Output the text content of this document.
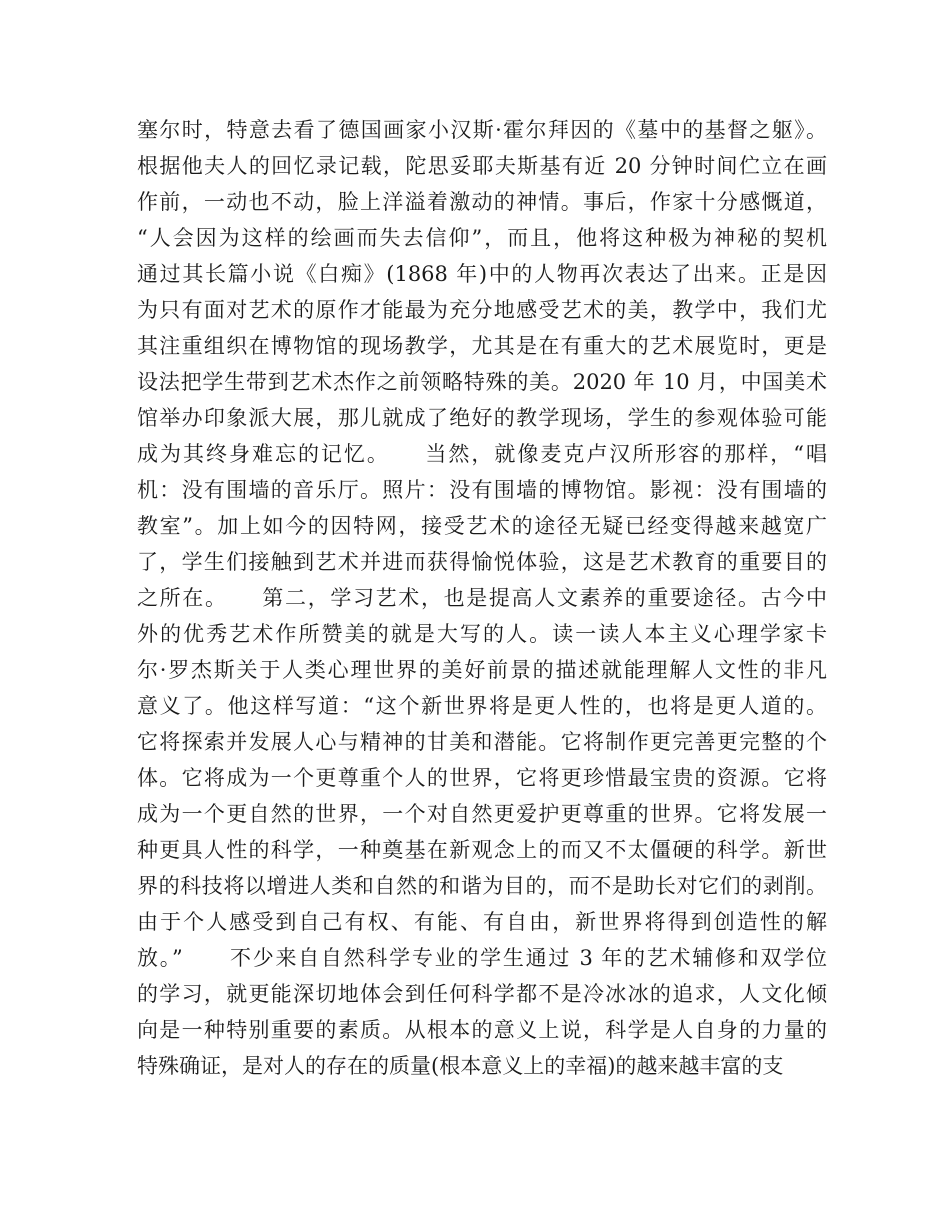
塞尔时，特意去看了德国画家小汉斯·霍尔拜因的《墓中的基督之躯》。
根据他夫人的回忆录记载，陀思妥耶夫斯基有近 20 分钟时间伫立在画
作前，一动也不动，脸上洋溢着激动的神情。事后，作家十分感慨道，
“人会因为这样的绘画而失去信仰”，而且，他将这种极为神秘的契机
通过其长篇小说《白痴》(1868 年)中的人物再次表达了出来。正是因
为只有面对艺术的原作才能最为充分地感受艺术的美，教学中，我们尤
其注重组织在博物馆的现场教学，尤其是在有重大的艺术展览时，更是
设法把学生带到艺术杰作之前领略特殊的美。2020 年 10 月，中国美术
馆举办印象派大展，那儿就成了绝好的教学现场，学生的参观体验可能
成为其终身难忘的记忆。　　当然，就像麦克卢汉所形容的那样，“唱
机：没有围墙的音乐厅。照片：没有围墙的博物馆。影视：没有围墙的
教室”。加上如今的因特网，接受艺术的途径无疑已经变得越来越宽广
了，学生们接触到艺术并进而获得愉悦体验，这是艺术教育的重要目的
之所在。　　第二，学习艺术，也是提高人文素养的重要途径。古今中
外的优秀艺术作所赞美的就是大写的人。读一读人本主义心理学家卡
尔·罗杰斯关于人类心理世界的美好前景的描述就能理解人文性的非凡
意义了。他这样写道：“这个新世界将是更人性的，也将是更人道的。
它将探索并发展人心与精神的甘美和潜能。它将制作更完善更完整的个
体。它将成为一个更尊重个人的世界，它将更珍惜最宝贵的资源。它将
成为一个更自然的世界，一个对自然更爱护更尊重的世界。它将发展一
种更具人性的科学，一种奠基在新观念上的而又不太僵硬的科学。新世
界的科技将以增进人类和自然的和谐为目的，而不是助长对它们的剥削。
由于个人感受到自己有权、有能、有自由，新世界将得到创造性的解
放。”　　不少来自自然科学专业的学生通过 3 年的艺术辅修和双学位
的学习，就更能深切地体会到任何科学都不是冷冰冰的追求，人文化倾
向是一种特别重要的素质。从根本的意义上说，科学是人自身的力量的
特殊确证，是对人的存在的质量(根本意义上的幸福)的越来越丰富的支
